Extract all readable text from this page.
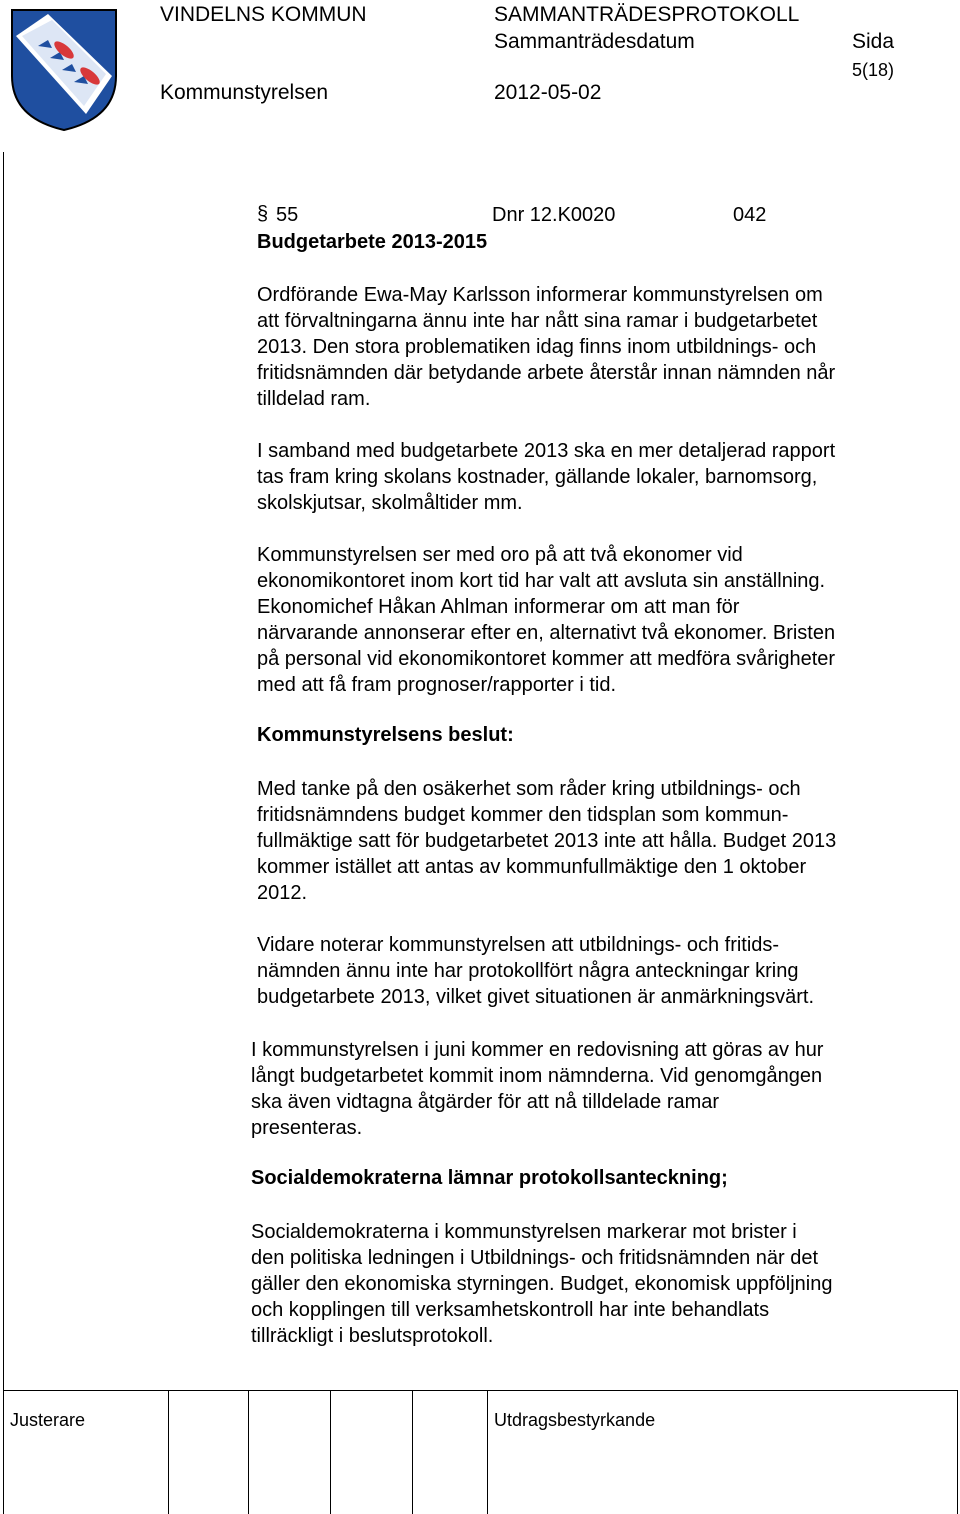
VINDELNS KOMMUN	SAMMANTRÄDESPROTOKOLL
Sammanträdesdatum	Sida
5(18)
Kommunstyrelsen	2012-05-02
§ 55	Dnr 12.K0020	042
Budgetarbete 2013-2015
Ordförande Ewa-May Karlsson informerar kommunstyrelsen om
att förvaltningarna ännu inte har nått sina ramar i budgetarbetet
2013. Den stora problematiken idag finns inom utbildnings- och
fritidsnämnden där betydande arbete återstår innan nämnden når
tilldelad ram.
I samband med budgetarbete 2013 ska en mer detaljerad rapport
tas fram kring skolans kostnader, gällande lokaler, barnomsorg,
skolskjutsar, skolmåltider mm.
Kommunstyrelsen ser med oro på att två ekonomer vid
ekonomikontoret inom kort tid har valt att avsluta sin anställning.
Ekonomichef Håkan Ahlman informerar om att man för
närvarande annonserar efter en, alternativt två ekonomer. Bristen
på personal vid ekonomikontoret kommer att medföra svårigheter
med att få fram prognoser/rapporter i tid.
Kommunstyrelsens beslut:
Med tanke på den osäkerhet som råder kring utbildnings- och
fritidsnämndens budget kommer den tidsplan som kommun-
fullmäktige satt för budgetarbetet 2013 inte att hålla. Budget 2013
kommer istället att antas av kommunfullmäktige den 1 oktober
2012.
Vidare noterar kommunstyrelsen att utbildnings- och fritids-
nämnden ännu inte har protokollfört några anteckningar kring
budgetarbete 2013, vilket givet situationen är anmärkningsvärt.
I kommunstyrelsen i juni kommer en redovisning att göras av hur
långt budgetarbetet kommit inom nämnderna. Vid genomgången
ska även vidtagna åtgärder för att nå tilldelade ramar
presenteras.
Socialdemokraterna lämnar protokollsanteckning;
Socialdemokraterna i kommunstyrelsen markerar mot brister i
den politiska ledningen i Utbildnings- och fritidsnämnden när det
gäller den ekonomiska styrningen. Budget, ekonomisk uppföljning
och kopplingen till verksamhetskontroll har inte behandlats
tillräckligt i beslutsprotokoll.
Justerare	Utdragsbestyrkande
